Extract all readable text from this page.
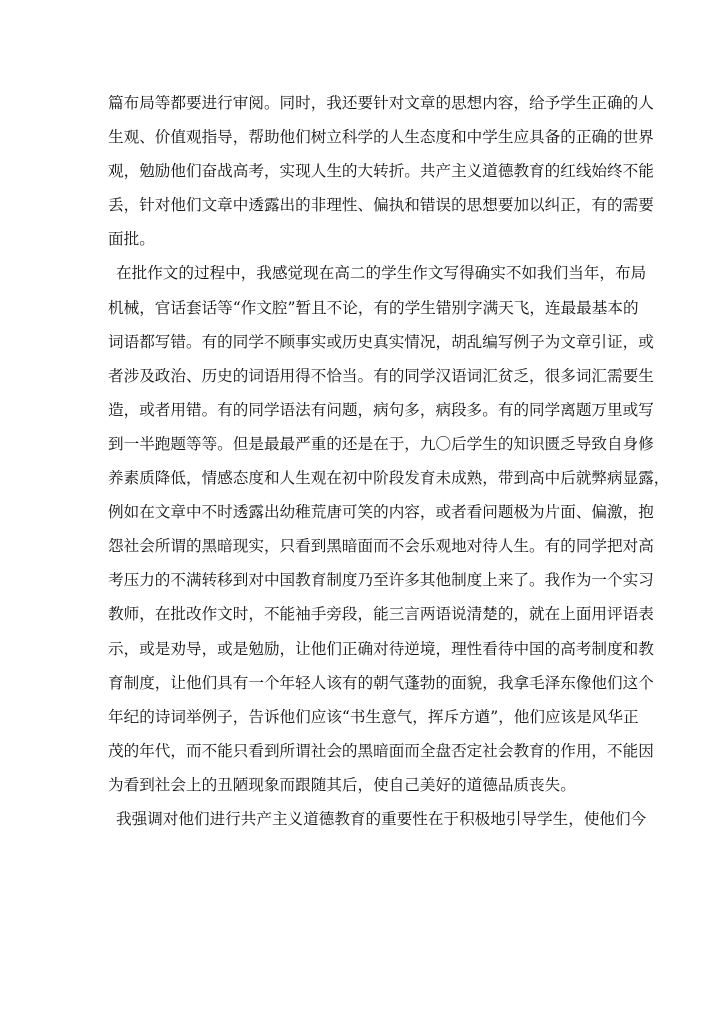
篇布局等都要进行审阅。同时，我还要针对文章的思想内容，给予学生正确的人
生观、价值观指导，帮助他们树立科学的人生态度和中学生应具备的正确的世界
观，勉励他们奋战高考，实现人生的大转折。共产主义道德教育的红线始终不能
丢，针对他们文章中透露出的非理性、偏执和错误的思想要加以纠正，有的需要
面批。
在批作文的过程中，我感觉现在高二的学生作文写得确实不如我们当年，布局
机械，官话套话等“作文腔”暂且不论，有的学生错别字满天飞，连最最基本的
词语都写错。有的同学不顾事实或历史真实情况，胡乱编写例子为文章引证，或
者涉及政治、历史的词语用得不恰当。有的同学汉语词汇贫乏，很多词汇需要生
造，或者用错。有的同学语法有问题，病句多，病段多。有的同学离题万里或写
到一半跑题等等。但是最最严重的还是在于，九〇后学生的知识匮乏导致自身修
养素质降低，情感态度和人生观在初中阶段发育未成熟，带到高中后就弊病显露，
例如在文章中不时透露出幼稚荒唐可笑的内容，或者看问题极为片面、偏激，抱
怨社会所谓的黑暗现实，只看到黑暗面而不会乐观地对待人生。有的同学把对高
考压力的不满转移到对中国教育制度乃至许多其他制度上来了。我作为一个实习
教师，在批改作文时，不能袖手旁段，能三言两语说清楚的，就在上面用评语表
示，或是劝导，或是勉励，让他们正确对待逆境，理性看待中国的高考制度和教
育制度，让他们具有一个年轻人该有的朝气蓬勃的面貌，我拿毛泽东像他们这个
年纪的诗词举例子，告诉他们应该“书生意气，挥斥方遒”，他们应该是风华正
茂的年代，而不能只看到所谓社会的黑暗面而全盘否定社会教育的作用，不能因
为看到社会上的丑陋现象而跟随其后，使自己美好的道德品质丧失。
我强调对他们进行共产主义道德教育的重要性在于积极地引导学生，使他们今
